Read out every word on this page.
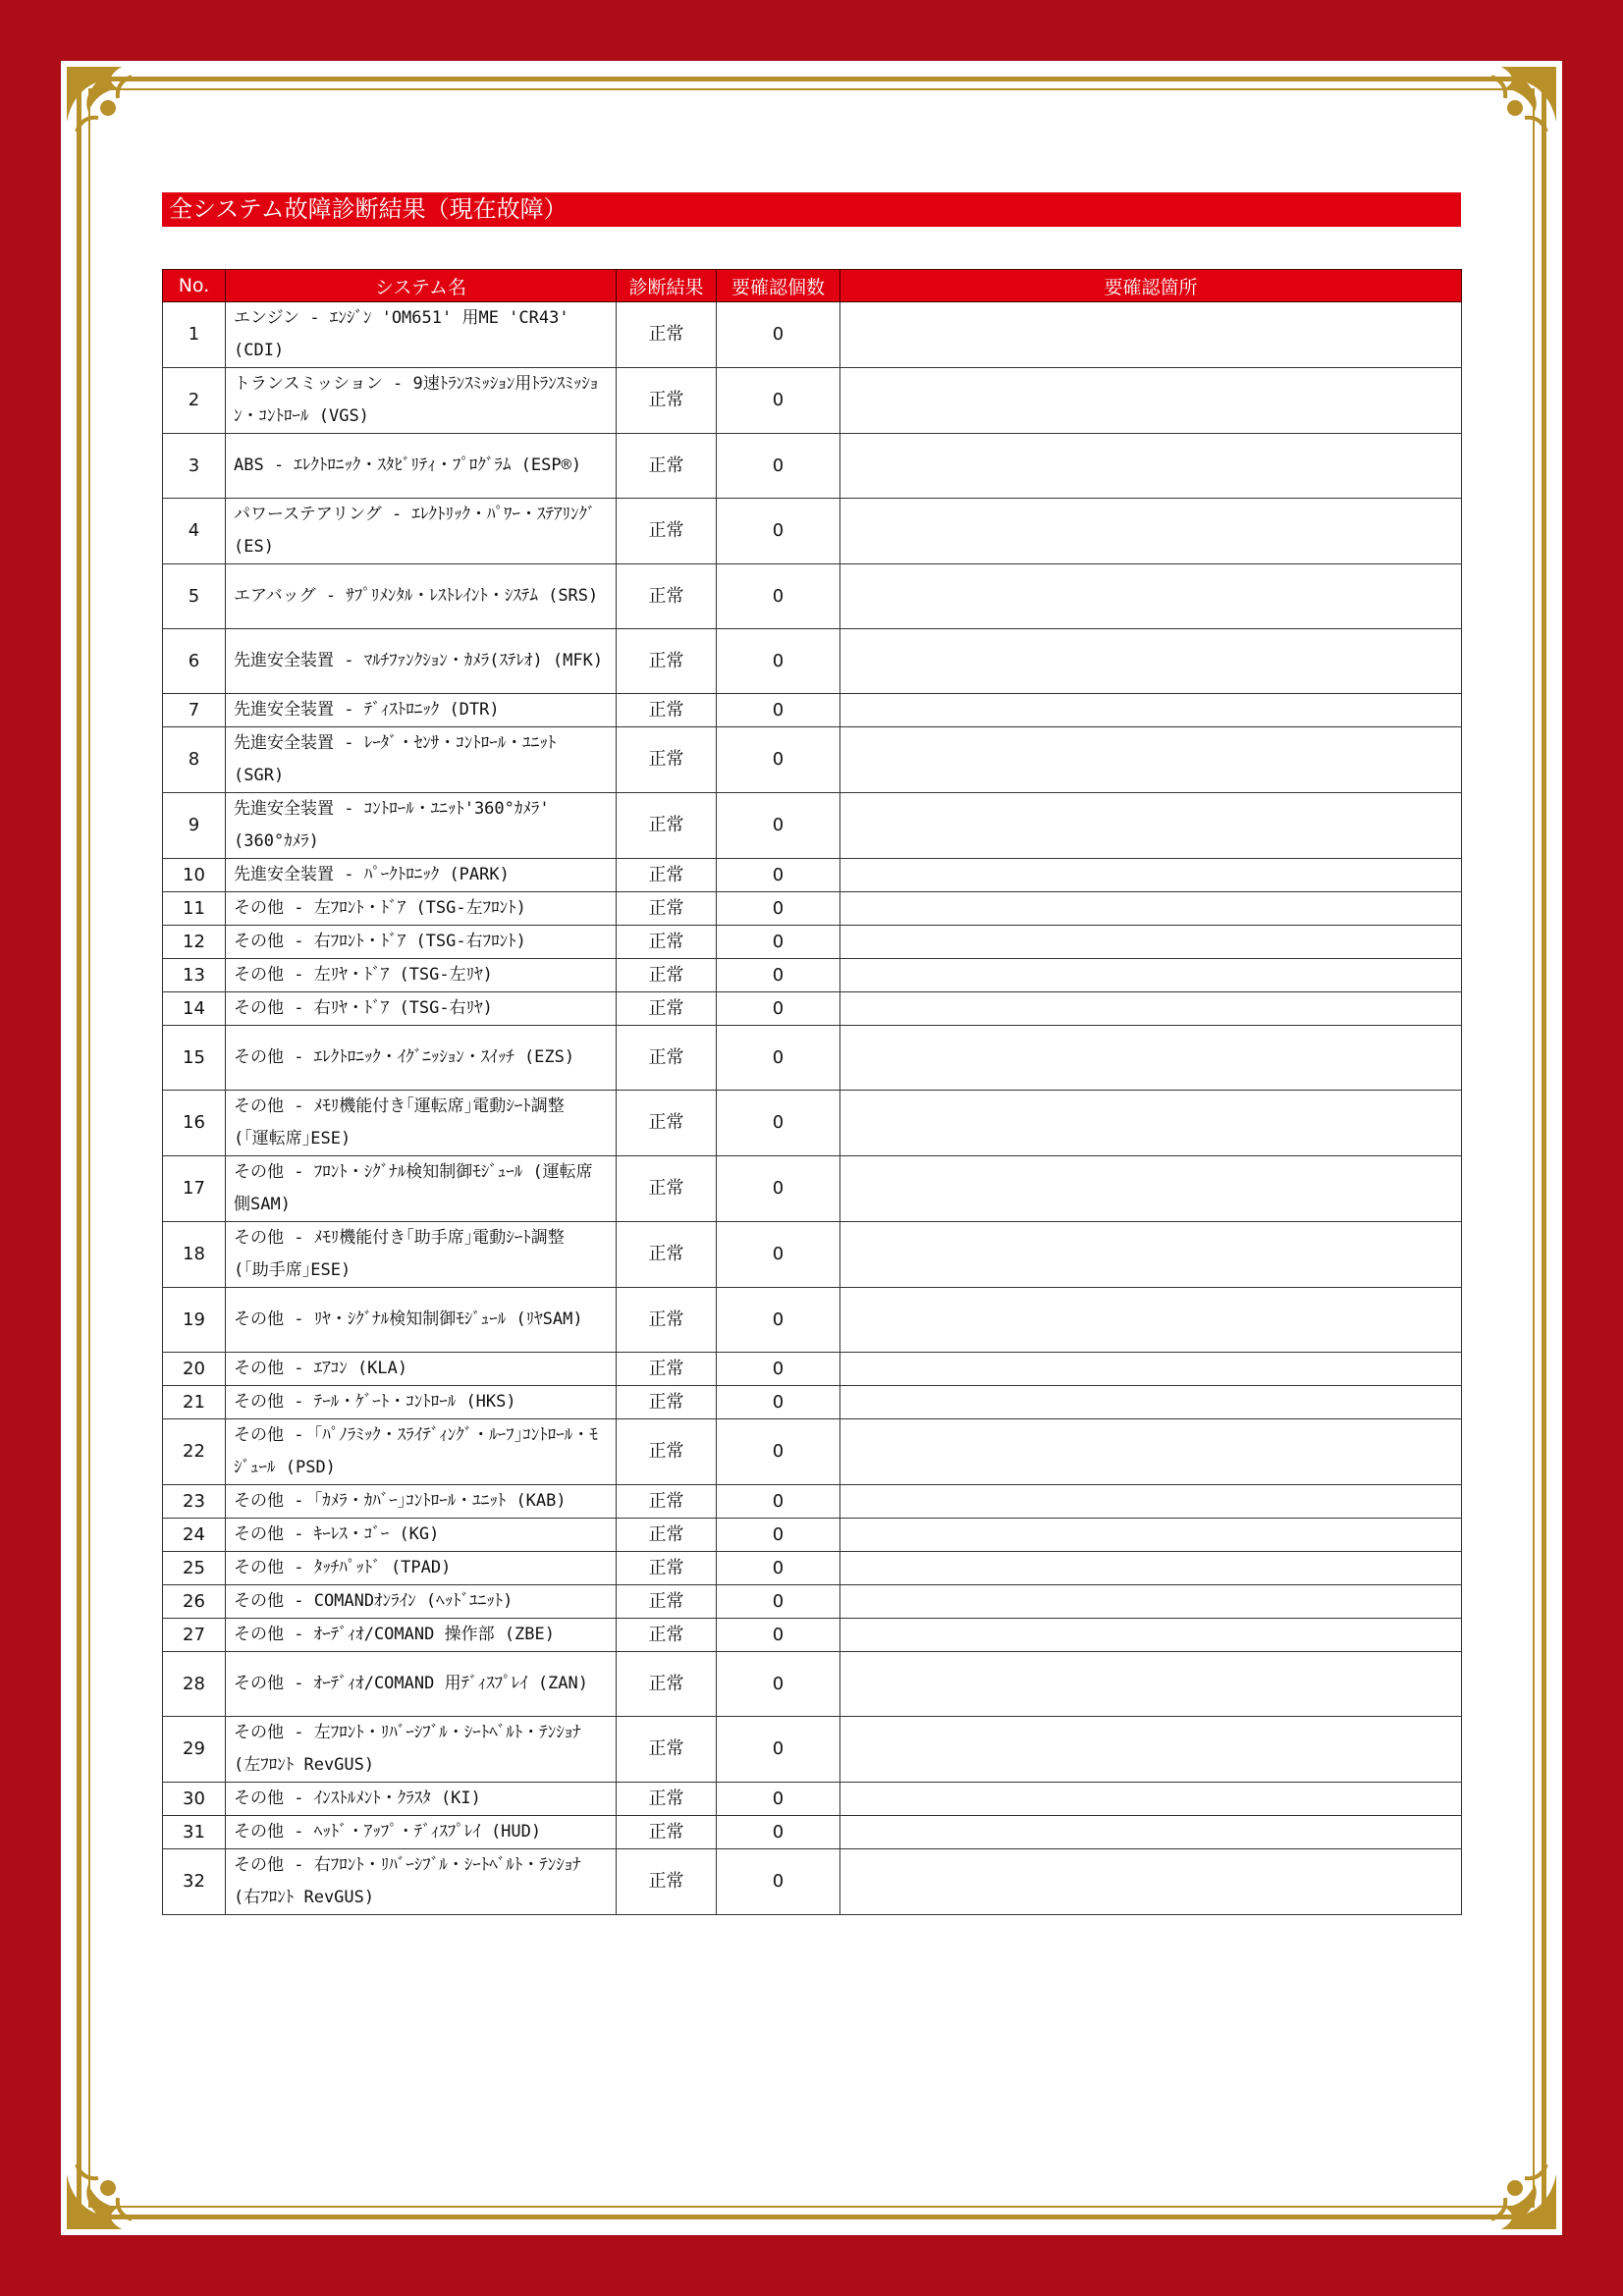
全システム故障診断結果（現在故障）
No.	システム名	診断結果	要確認個数	要確認箇所
1	エンジン - ｴﾝｼﾞﾝ 'OM651' 用ME 'CR43' (CDI)	正常	0	
2	トランスミッション - 9速ﾄﾗﾝｽﾐｯｼｮﾝ用ﾄﾗﾝｽﾐｯｼｮﾝ・ｺﾝﾄﾛｰﾙ (VGS)	正常	0	
3	ABS - ｴﾚｸﾄﾛﾆｯｸ・ｽﾀﾋﾞﾘﾃｨ・ﾌﾟﾛｸﾞﾗﾑ (ESP®)	正常	0	
4	パワーステアリング - ｴﾚｸﾄﾘｯｸ・ﾊﾟﾜｰ・ｽﾃｱﾘﾝｸﾞ (ES)	正常	0	
5	エアバッグ - ｻﾌﾟﾘﾒﾝﾀﾙ・ﾚｽﾄﾚｲﾝﾄ・ｼｽﾃﾑ (SRS)	正常	0	
6	先進安全装置 - ﾏﾙﾁﾌｧﾝｸｼｮﾝ・ｶﾒﾗ(ｽﾃﾚｵ) (MFK)	正常	0	
7	先進安全装置 - ﾃﾞｨｽﾄﾛﾆｯｸ (DTR)	正常	0	
8	先進安全装置 - ﾚｰﾀﾞ・ｾﾝｻ・ｺﾝﾄﾛｰﾙ・ﾕﾆｯﾄ (SGR)	正常	0	
9	先進安全装置 - ｺﾝﾄﾛｰﾙ・ﾕﾆｯﾄ'360°ｶﾒﾗ' (360°ｶﾒﾗ)	正常	0	
10	先進安全装置 - ﾊﾟｰｸﾄﾛﾆｯｸ (PARK)	正常	0	
11	その他 - 左ﾌﾛﾝﾄ・ﾄﾞｱ (TSG-左ﾌﾛﾝﾄ)	正常	0	
12	その他 - 右ﾌﾛﾝﾄ・ﾄﾞｱ (TSG-右ﾌﾛﾝﾄ)	正常	0	
13	その他 - 左ﾘﾔ・ﾄﾞｱ (TSG-左ﾘﾔ)	正常	0	
14	その他 - 右ﾘﾔ・ﾄﾞｱ (TSG-右ﾘﾔ)	正常	0	
15	その他 - ｴﾚｸﾄﾛﾆｯｸ・ｲｸﾞﾆｯｼｮﾝ・ｽｲｯﾁ (EZS)	正常	0	
16	その他 - ﾒﾓﾘ機能付き｢運転席｣電動ｼｰﾄ調整 (｢運転席｣ESE)	正常	0	
17	その他 - ﾌﾛﾝﾄ・ｼｸﾞﾅﾙ検知制御ﾓｼﾞｭｰﾙ (運転席側SAM)	正常	0	
18	その他 - ﾒﾓﾘ機能付き｢助手席｣電動ｼｰﾄ調整 (｢助手席｣ESE)	正常	0	
19	その他 - ﾘﾔ・ｼｸﾞﾅﾙ検知制御ﾓｼﾞｭｰﾙ (ﾘﾔSAM)	正常	0	
20	その他 - ｴｱｺﾝ (KLA)	正常	0	
21	その他 - ﾃｰﾙ・ｹﾞｰﾄ・ｺﾝﾄﾛｰﾙ (HKS)	正常	0	
22	その他 - ｢ﾊﾟﾉﾗﾐｯｸ・ｽﾗｲﾃﾞｨﾝｸﾞ・ﾙｰﾌ｣ｺﾝﾄﾛｰﾙ・ﾓｼﾞｭｰﾙ (PSD)	正常	0	
23	その他 - ｢ｶﾒﾗ・ｶﾊﾞｰ｣ｺﾝﾄﾛｰﾙ・ﾕﾆｯﾄ (KAB)	正常	0	
24	その他 - ｷｰﾚｽ・ｺﾞｰ (KG)	正常	0	
25	その他 - ﾀｯﾁﾊﾟｯﾄﾞ (TPAD)	正常	0	
26	その他 - COMANDｵﾝﾗｲﾝ (ﾍｯﾄﾞﾕﾆｯﾄ)	正常	0	
27	その他 - ｵｰﾃﾞｨｵ/COMAND 操作部 (ZBE)	正常	0	
28	その他 - ｵｰﾃﾞｨｵ/COMAND 用ﾃﾞｨｽﾌﾟﾚｲ (ZAN)	正常	0	
29	その他 - 左ﾌﾛﾝﾄ・ﾘﾊﾞｰｼﾌﾞﾙ・ｼｰﾄﾍﾞﾙﾄ・ﾃﾝｼｮﾅ (左ﾌﾛﾝﾄ RevGUS)	正常	0	
30	その他 - ｲﾝｽﾄﾙﾒﾝﾄ・ｸﾗｽﾀ (KI)	正常	0	
31	その他 - ﾍｯﾄﾞ・ｱｯﾌﾟ・ﾃﾞｨｽﾌﾟﾚｲ (HUD)	正常	0	
32	その他 - 右ﾌﾛﾝﾄ・ﾘﾊﾞｰｼﾌﾞﾙ・ｼｰﾄﾍﾞﾙﾄ・ﾃﾝｼｮﾅ (右ﾌﾛﾝﾄ RevGUS)	正常	0	
